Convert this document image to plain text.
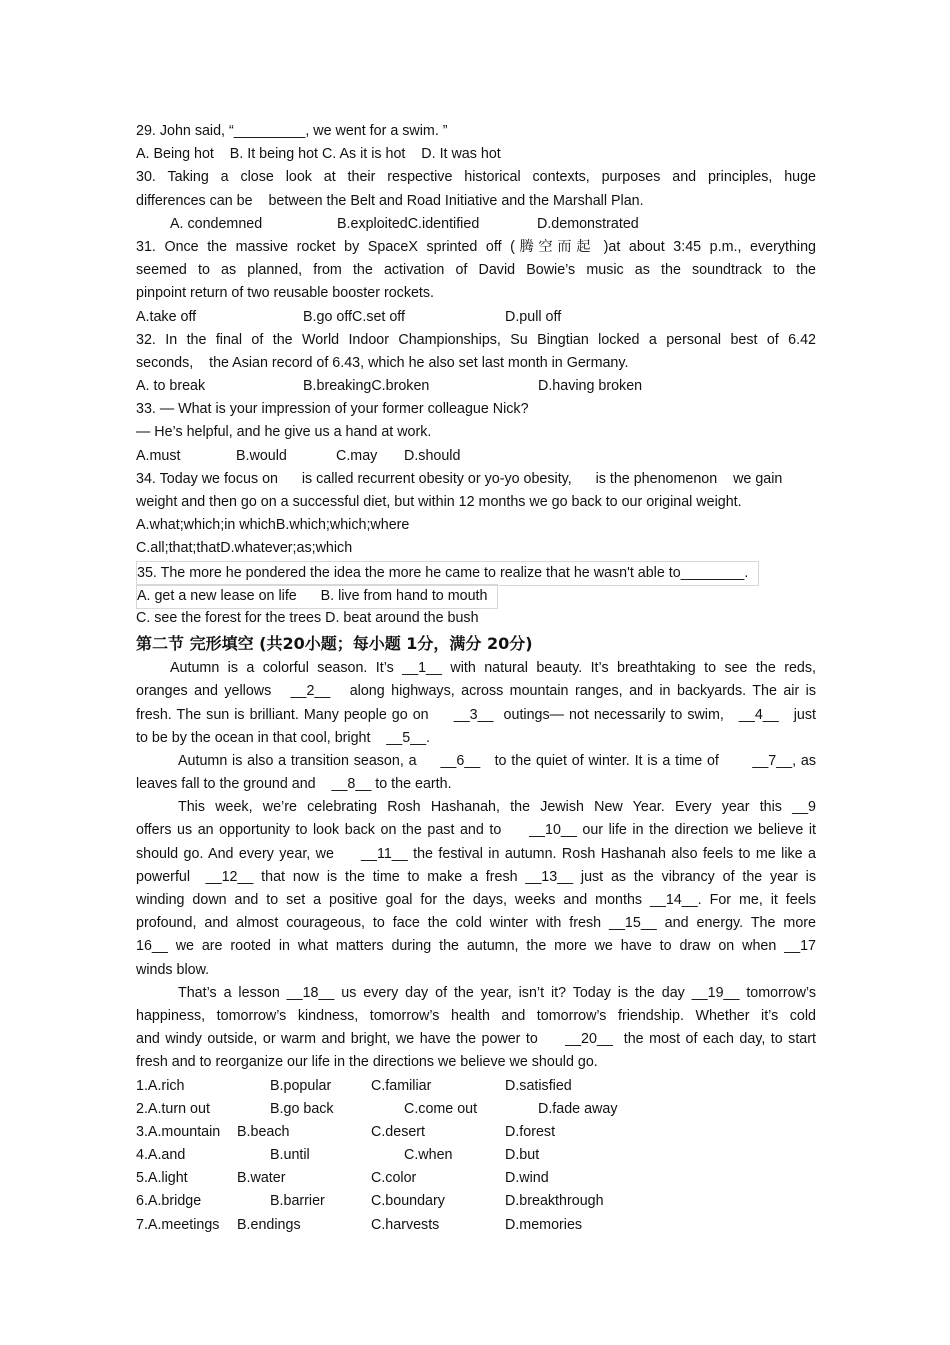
29. John said, “_________, we went for a swim. ”
A. Being hot    B. It being hot C. As it is hot    D. It was hot
30. Taking a close look at their respective historical contexts, purposes and principles, huge
differences can be    between the Belt and Road Initiative and the Marshall Plan.
A. condemned	B.exploitedC.identified	D.demonstrated
31. Once the massive rocket by SpaceX sprinted off (腾空而起 )at about 3:45 p.m., everything
seemed to as planned, from the activation of David Bowie’s music as the soundtrack to the
pinpoint return of two reusable booster rockets.
A.take off	B.go offC.set off	D.pull off
32. In the final of the World Indoor Championships, Su Bingtian locked a personal best of 6.42
seconds,    the Asian record of 6.43, which he also set last month in Germany.
A. to break	B.breakingC.broken	D.having broken
33. — What is your impression of your former colleague Nick?
— He’s helpful, and he give us a hand at work.
A.must	B.would	C.may	D.should
34. Today we focus on      is called recurrent obesity or yo-yo obesity,      is the phenomenon    we gain
weight and then go on a successful diet, but within 12 months we go back to our original weight.
A.what;which;in whichB.which;which;where
C.all;that;thatD.whatever;as;which
35. The more he pondered the idea the more he came to realize that he wasn't able to________.
A. get a new lease on life      B. live from hand to mouth
C. see the forest for the trees D. beat around the bush
第二节 完形填空 (共20小题；每小题 1分，满分 20分)
Autumn is a colorful season. It’s __1__ with natural beauty. It’s breathtaking to see the reds,
oranges and yellows   __2__   along highways, across mountain ranges, and in backyards. The air is
fresh. The sun is brilliant. Many people go on     __3__  outings— not necessarily to swim,   __4__   just
to be by the ocean in that cool, bright    __5__.
Autumn is also a transition season, a     __6__   to the quiet of winter. It is a time of       __7__, as
leaves fall to the ground and    __8__ to the earth.
This week, we’re celebrating Rosh Hashanah, the Jewish New Year. Every year this __9
offers us an opportunity to look back on the past and to     __10__ our life in the direction we believe it
should go. And every year, we     __11__ the festival in autumn. Rosh Hashanah also feels to me like a
powerful  __12__ that now is the time to make a fresh __13__ just as the vibrancy of the year is
winding down and to set a positive goal for the days, weeks and months __14__. For me, it feels
profound, and almost courageous, to face the cold winter with fresh __15__ and energy. The more
16__ we are rooted in what matters during the autumn, the more we have to draw on when __17
winds blow.
That’s a lesson __18__ us every day of the year, isn’t it? Today is the day __19__ tomorrow’s
happiness, tomorrow’s kindness, tomorrow’s health and tomorrow’s friendship. Whether it’s cold
and windy outside, or warm and bright, we have the power to     __20__  the most of each day, to start
fresh and to reorganize our life in the directions we believe we should go.
1.A.rich	B.popular	C.familiar	D.satisfied
2.A.turn out	B.go back	C.come out	D.fade away
3.A.mountain	B.beach	C.desert	D.forest
4.A.and	B.until	C.when	D.but
5.A.light	B.water	C.color	D.wind
6.A.bridge	B.barrier	C.boundary	D.breakthrough
7.A.meetings	B.endings	C.harvests	D.memories
